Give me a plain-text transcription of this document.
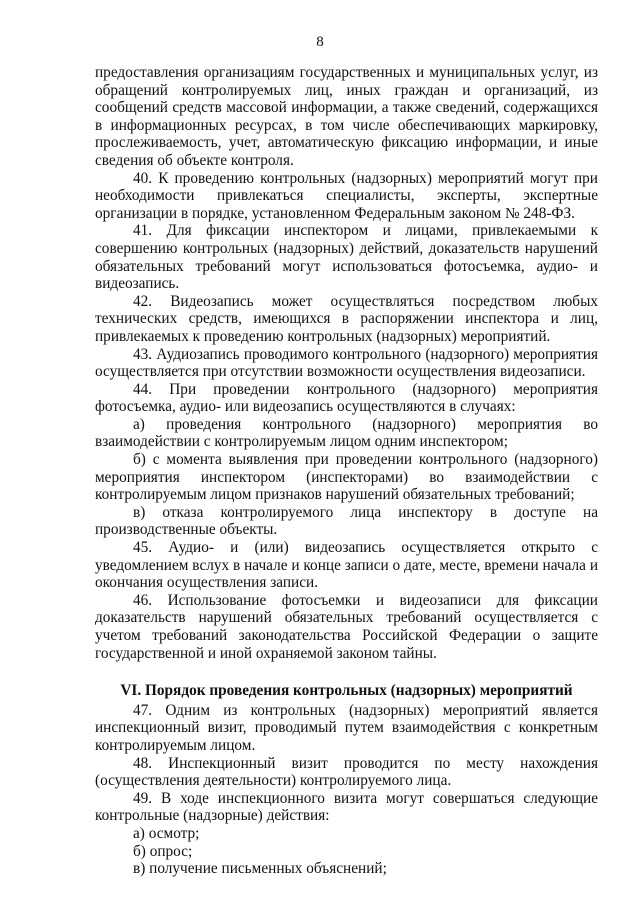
8

предоставления организациям государственных и муниципальных услуг, из обращений контролируемых лиц, иных граждан и организаций, из сообщений средств массовой информации, а также сведений, содержащихся в информационных ресурсах, в том числе обеспечивающих маркировку, прослеживаемость, учет, автоматическую фиксацию информации, и иные сведения об объекте контроля.

40. К проведению контрольных (надзорных) мероприятий могут при необходимости привлекаться специалисты, эксперты, экспертные организации в порядке, установленном Федеральным законом № 248-ФЗ.

41. Для фиксации инспектором и лицами, привлекаемыми к совершению контрольных (надзорных) действий, доказательств нарушений обязательных требований могут использоваться фотосъемка, аудио- и видеозапись.

42. Видеозапись может осуществляться посредством любых технических средств, имеющихся в распоряжении инспектора и лиц, привлекаемых к проведению контрольных (надзорных) мероприятий.

43. Аудиозапись проводимого контрольного (надзорного) мероприятия осуществляется при отсутствии возможности осуществления видеозаписи.

44. При проведении контрольного (надзорного) мероприятия фотосъемка, аудио- или видеозапись осуществляются в случаях:

а) проведения контрольного (надзорного) мероприятия во взаимодействии с контролируемым лицом одним инспектором;

б) с момента выявления при проведении контрольного (надзорного) мероприятия инспектором (инспекторами) во взаимодействии с контролируемым лицом признаков нарушений обязательных требований;

в) отказа контролируемого лица инспектору в доступе на производственные объекты.

45. Аудио- и (или) видеозапись осуществляется открыто с уведомлением вслух в начале и конце записи о дате, месте, времени начала и окончания осуществления записи.

46. Использование фотосъемки и видеозаписи для фиксации доказательств нарушений обязательных требований осуществляется с учетом требований законодательства Российской Федерации о защите государственной и иной охраняемой законом тайны.

VI. Порядок проведения контрольных (надзорных) мероприятий

47. Одним из контрольных (надзорных) мероприятий является инспекционный визит, проводимый путем взаимодействия с конкретным контролируемым лицом.

48. Инспекционный визит проводится по месту нахождения (осуществления деятельности) контролируемого лица.

49. В ходе инспекционного визита могут совершаться следующие контрольные (надзорные) действия:

а) осмотр;

б) опрос;

в) получение письменных объяснений;
